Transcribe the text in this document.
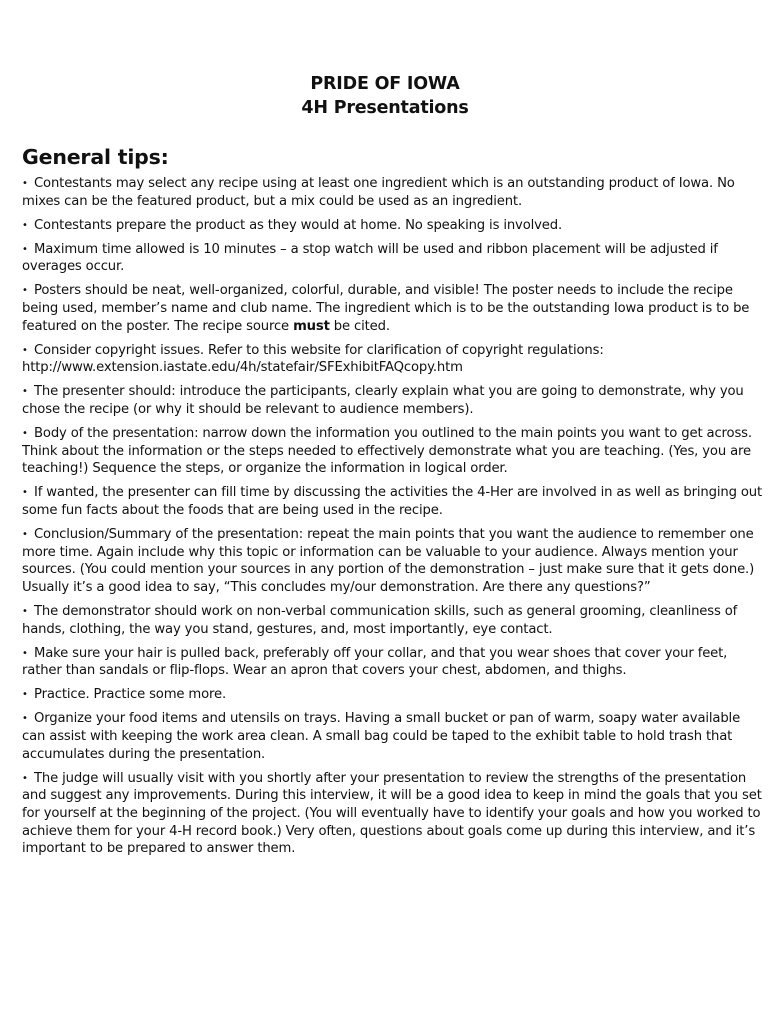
PRIDE OF IOWA
4H Presentations
General tips:

• Contestants may select any recipe using at least one ingredient which is an outstanding product of Iowa. No mixes can be the featured product, but a mix could be used as an ingredient.

• Contestants prepare the product as they would at home. No speaking is involved.

• Maximum time allowed is 10 minutes – a stop watch will be used and ribbon placement will be adjusted if overages occur.

• Posters should be neat, well-organized, colorful, durable, and visible! The poster needs to include the recipe being used, member’s name and club name. The ingredient which is to be the outstanding Iowa product is to be featured on the poster. The recipe source must be cited.

• Consider copyright issues. Refer to this website for clarification of copyright regulations: http://www.extension.iastate.edu/4h/statefair/SFExhibitFAQcopy.htm

• The presenter should: introduce the participants, clearly explain what you are going to demonstrate, why you chose the recipe (or why it should be relevant to audience members).

• Body of the presentation: narrow down the information you outlined to the main points you want to get across. Think about the information or the steps needed to effectively demonstrate what you are teaching. (Yes, you are teaching!) Sequence the steps, or organize the information in logical order.

• If wanted, the presenter can fill time by discussing the activities the 4-Her are involved in as well as bringing out some fun facts about the foods that are being used in the recipe.

• Conclusion/Summary of the presentation: repeat the main points that you want the audience to remember one more time. Again include why this topic or information can be valuable to your audience. Always mention your sources. (You could mention your sources in any portion of the demonstration – just make sure that it gets done.) Usually it’s a good idea to say, “This concludes my/our demonstration. Are there any questions?”

• The demonstrator should work on non-verbal communication skills, such as general grooming, cleanliness of hands, clothing, the way you stand, gestures, and, most importantly, eye contact.

• Make sure your hair is pulled back, preferably off your collar, and that you wear shoes that cover your feet, rather than sandals or flip-flops. Wear an apron that covers your chest, abdomen, and thighs.

• Practice. Practice some more.

• Organize your food items and utensils on trays. Having a small bucket or pan of warm, soapy water available can assist with keeping the work area clean. A small bag could be taped to the exhibit table to hold trash that accumulates during the presentation.

• The judge will usually visit with you shortly after your presentation to review the strengths of the presentation and suggest any improvements. During this interview, it will be a good idea to keep in mind the goals that you set for yourself at the beginning of the project. (You will eventually have to identify your goals and how you worked to achieve them for your 4-H record book.) Very often, questions about goals come up during this interview, and it’s important to be prepared to answer them.
